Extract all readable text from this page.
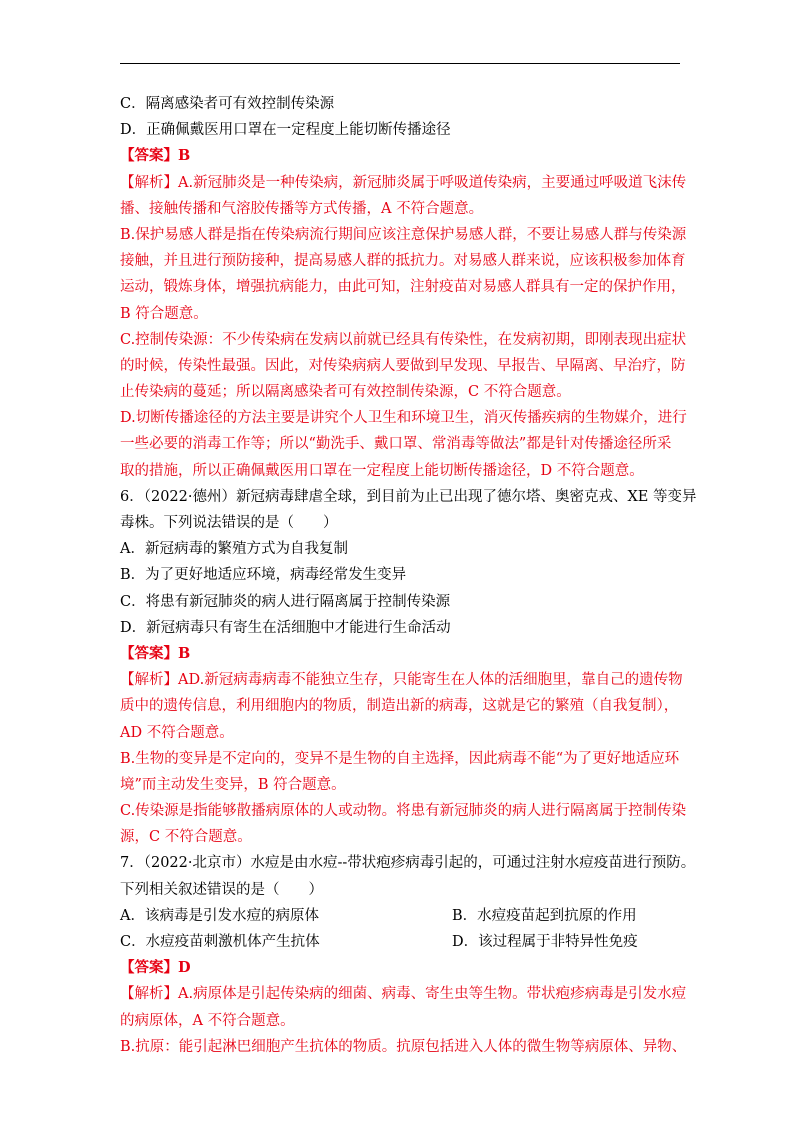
C．隔离感染者可有效控制传染源
D．正确佩戴医用口罩在一定程度上能切断传播途径
【答案】B
【解析】A.新冠肺炎是一种传染病，新冠肺炎属于呼吸道传染病，主要通过呼吸道飞沫传
播、接触传播和气溶胶传播等方式传播，A 不符合题意。
B.保护易感人群是指在传染病流行期间应该注意保护易感人群，不要让易感人群与传染源
接触，并且进行预防接种，提高易感人群的抵抗力。对易感人群来说，应该积极参加体育
运动，锻炼身体，增强抗病能力，由此可知，注射疫苗对易感人群具有一定的保护作用，
B 符合题意。
C.控制传染源：不少传染病在发病以前就已经具有传染性，在发病初期，即刚表现出症状
的时候，传染性最强。因此，对传染病病人要做到早发现、早报告、早隔离、早治疗，防
止传染病的蔓延；所以隔离感染者可有效控制传染源，C 不符合题意。
D.切断传播途径的方法主要是讲究个人卫生和环境卫生，消灭传播疾病的生物媒介，进行
一些必要的消毒工作等；所以“勤洗手、戴口罩、常消毒等做法”都是针对传播途径所采
取的措施，所以正确佩戴医用口罩在一定程度上能切断传播途径，D 不符合题意。
6．（2022·德州）新冠病毒肆虐全球，到目前为止已出现了德尔塔、奥密克戎、XE 等变异
毒株。下列说法错误的是（　　）
A．新冠病毒的繁殖方式为自我复制
B．为了更好地适应环境，病毒经常发生变异
C．将患有新冠肺炎的病人进行隔离属于控制传染源
D．新冠病毒只有寄生在活细胞中才能进行生命活动
【答案】B
【解析】AD.新冠病毒病毒不能独立生存，只能寄生在人体的活细胞里，靠自己的遗传物
质中的遗传信息，利用细胞内的物质，制造出新的病毒，这就是它的繁殖（自我复制），
AD 不符合题意。
B.生物的变异是不定向的，变异不是生物的自主选择，因此病毒不能“为了更好地适应环
境”而主动发生变异，B 符合题意。
C.传染源是指能够散播病原体的人或动物。将患有新冠肺炎的病人进行隔离属于控制传染
源，C 不符合题意。
7．（2022·北京市）水痘是由水痘--带状疱疹病毒引起的，可通过注射水痘疫苗进行预防。
下列相关叙述错误的是（　　）
A．该病毒是引发水痘的病原体	B．水痘疫苗起到抗原的作用
C．水痘疫苗刺激机体产生抗体	D．该过程属于非特异性免疫
【答案】D
【解析】A.病原体是引起传染病的细菌、病毒、寄生虫等生物。带状疱疹病毒是引发水痘
的病原体，A 不符合题意。
B.抗原：能引起淋巴细胞产生抗体的物质。抗原包括进入人体的微生物等病原体、异物、
